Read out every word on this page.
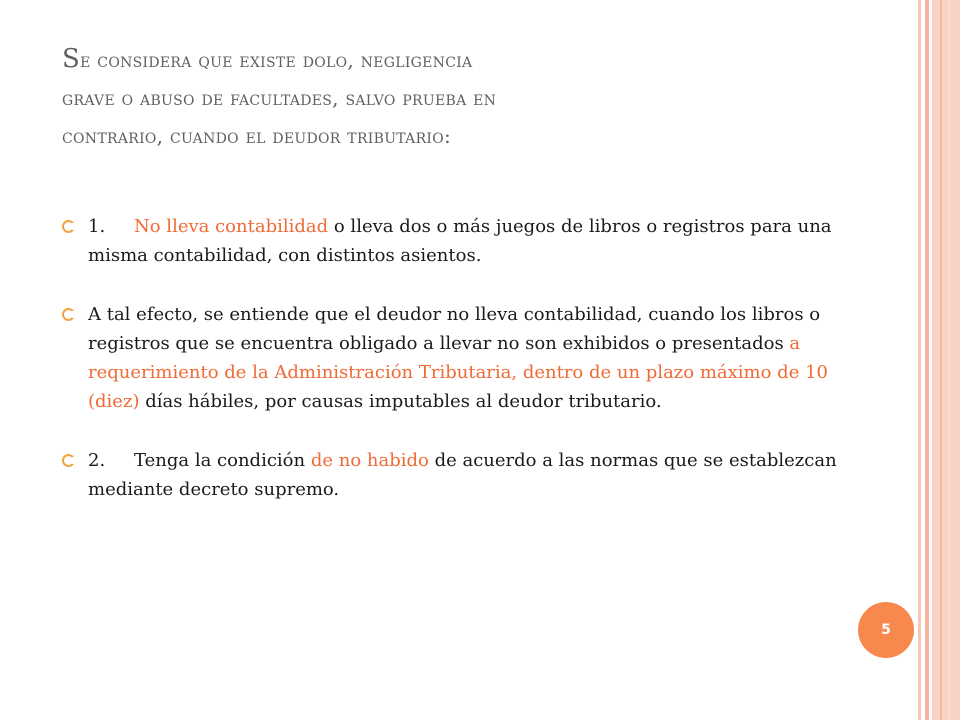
Se considera que existe dolo, negligencia
grave o abuso de facultades, salvo prueba en
contrario, cuando el deudor tributario:
1. No lleva contabilidad o lleva dos o más juegos de libros o registros para una misma contabilidad, con distintos asientos.
A tal efecto, se entiende que el deudor no lleva contabilidad, cuando los libros o registros que se encuentra obligado a llevar no son exhibidos o presentados a requerimiento de la Administración Tributaria, dentro de un plazo máximo de 10 (diez) días hábiles, por causas imputables al deudor tributario.
2. Tenga la condición de no habido de acuerdo a las normas que se establezcan mediante decreto supremo.
5
